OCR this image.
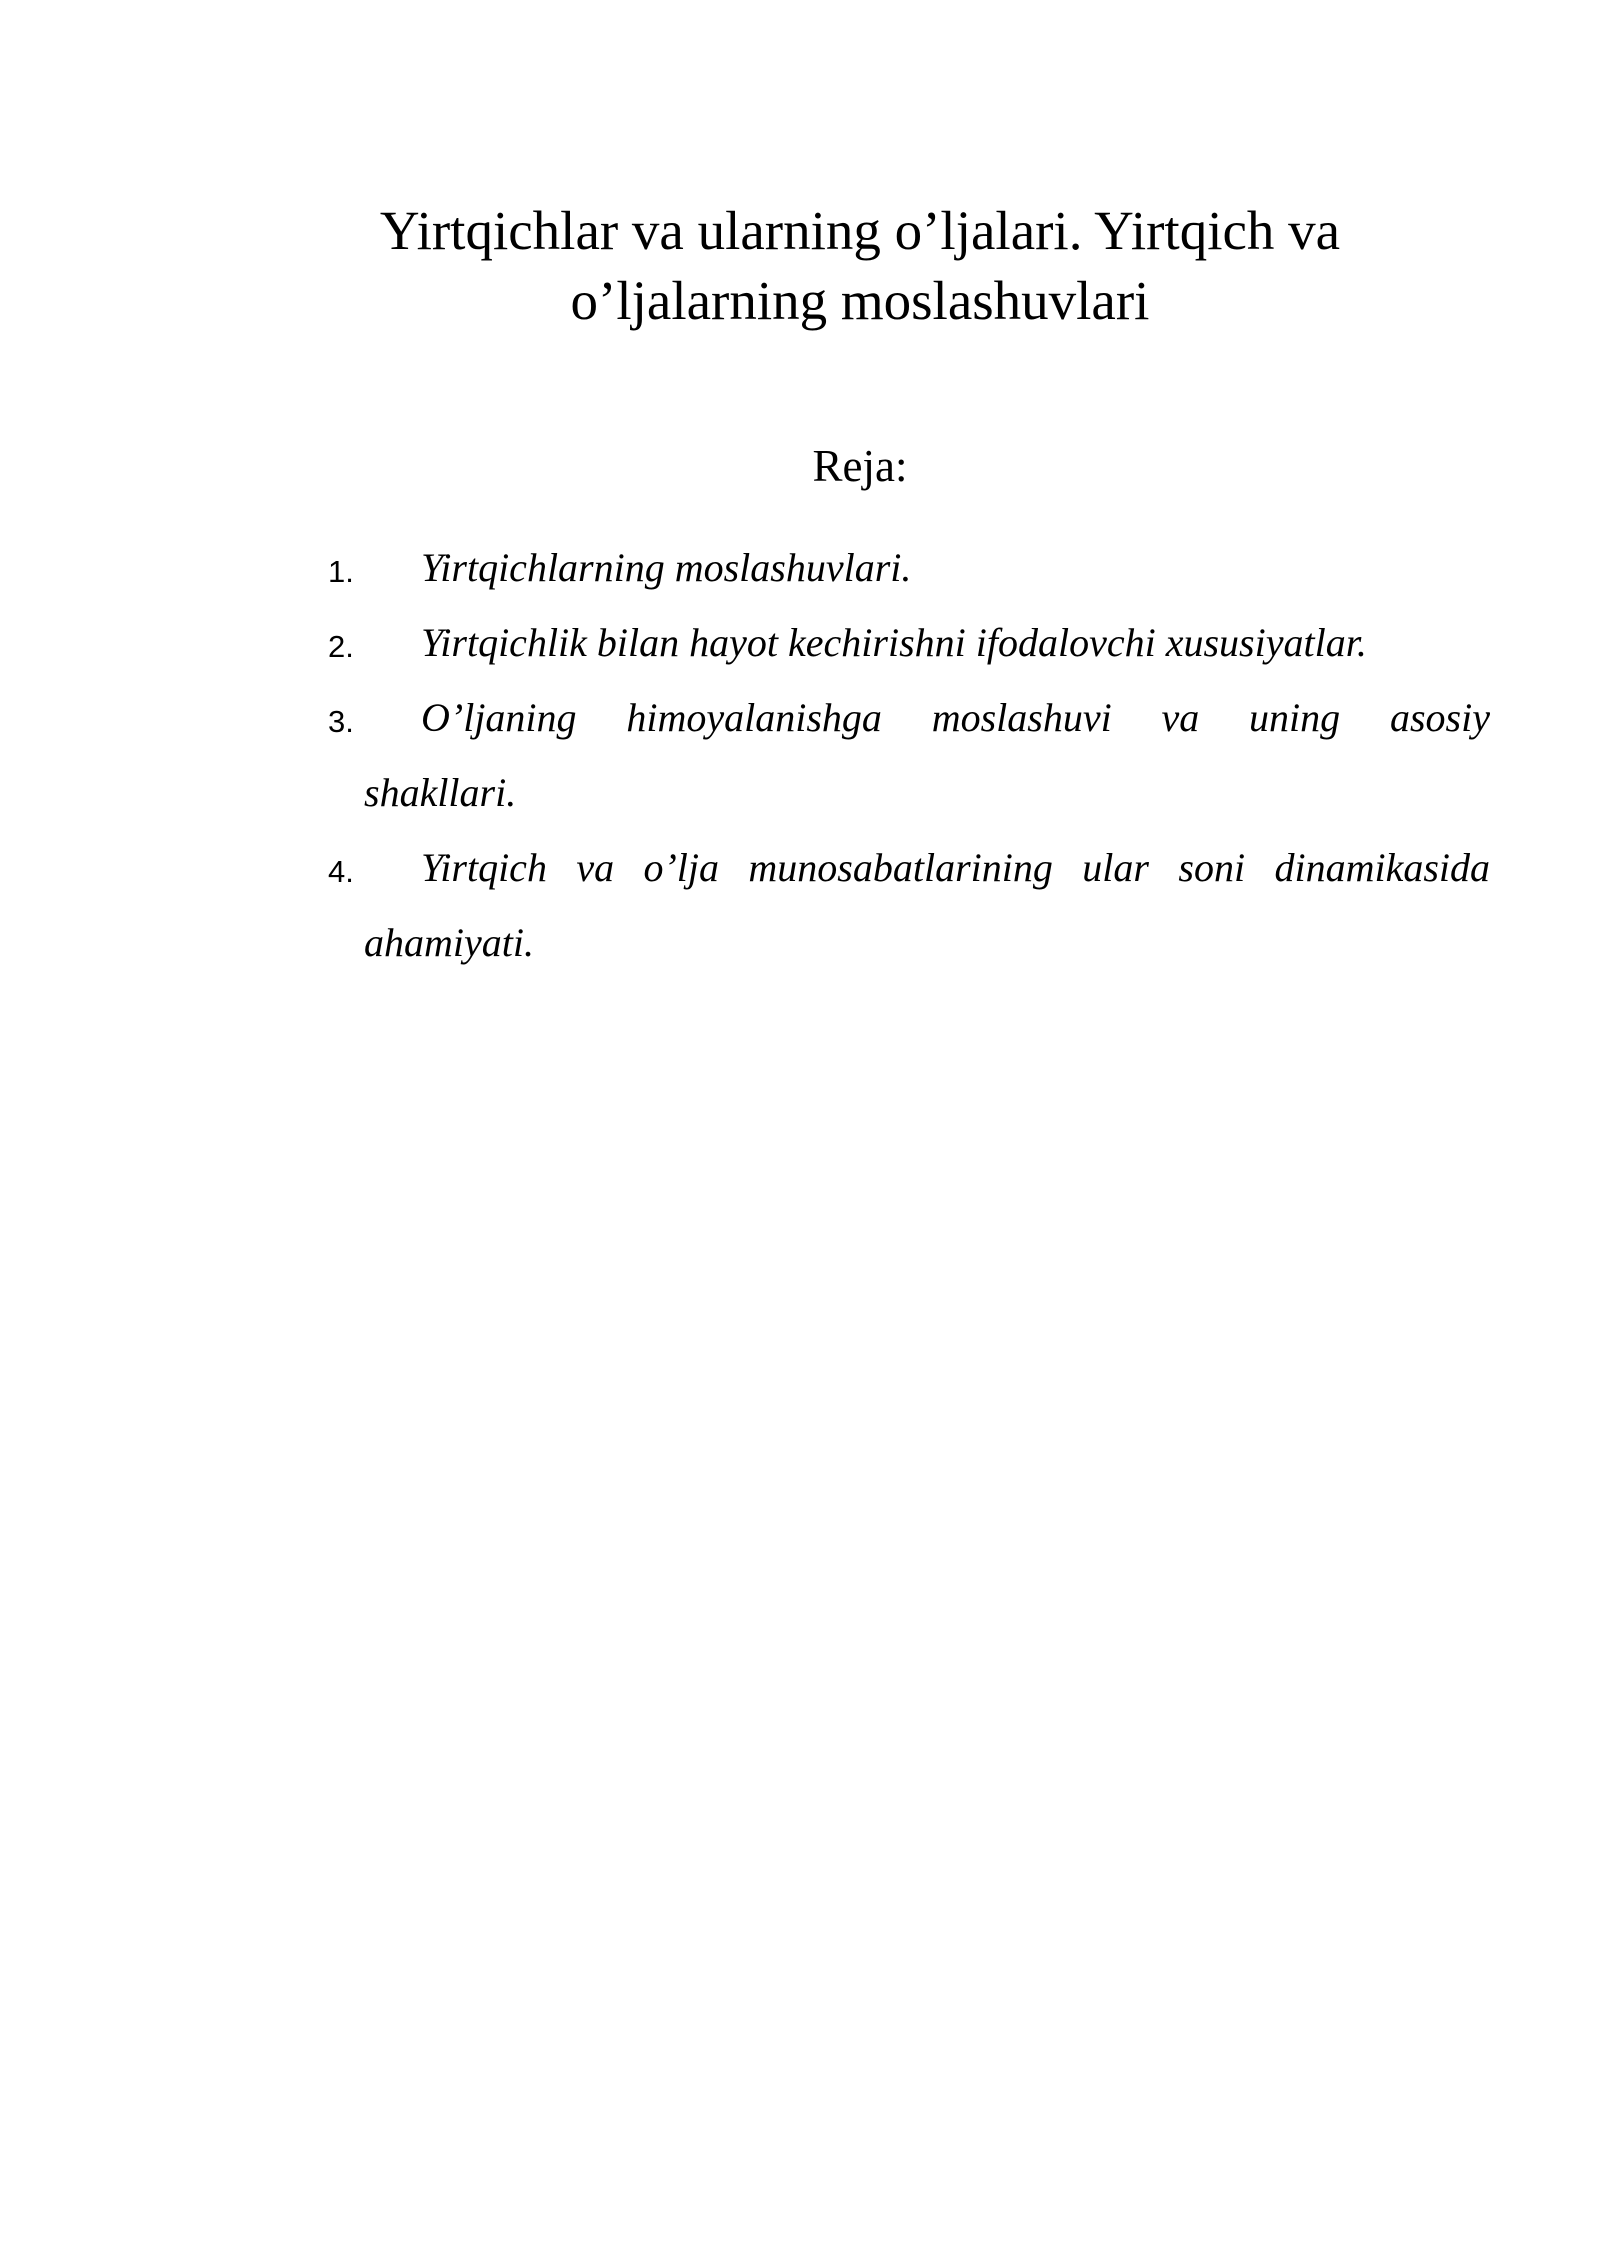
Yirtqichlar va ularning o’ljalari. Yirtqich va
o’ljalarning moslashuvlari
Reja:
1. Yirtqichlarning moslashuvlari.
2. Yirtqichlik bilan hayot kechirishni ifodalovchi xususiyatlar.
3. O’ljaning himoyalanishga moslashuvi va uning asosiy
shakllari.
4. Yirtqich va o’lja munosabatlarining ular soni dinamikasida
ahamiyati.
